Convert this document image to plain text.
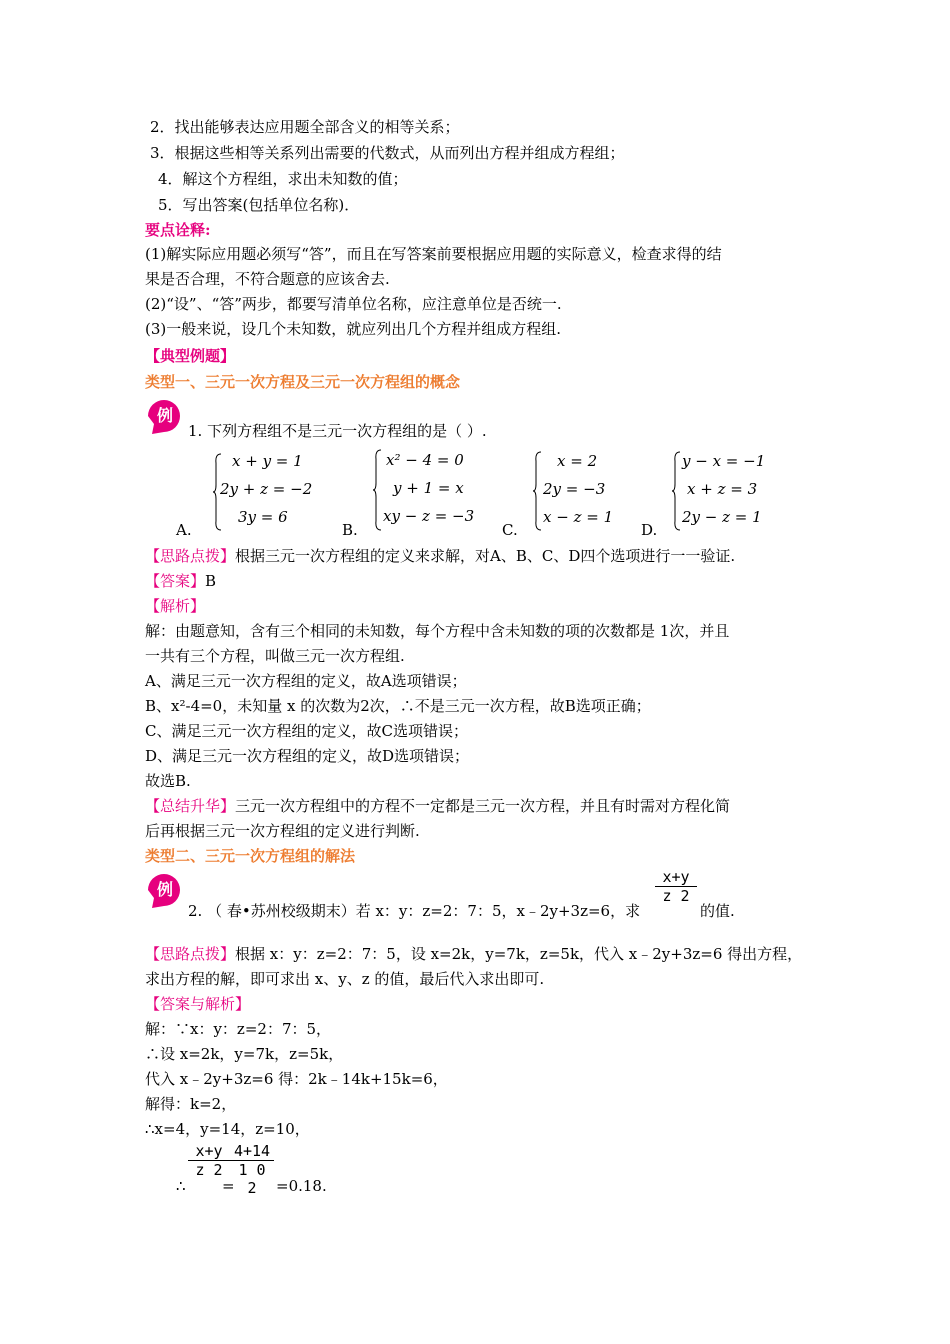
2．找出能够表达应用题全部含义的相等关系；
3．根据这些相等关系列出需要的代数式，从而列出方程并组成方程组；
4．解这个方程组，求出未知数的值；
5．写出答案(包括单位名称)．
要点诠释:
(1)解实际应用题必须写“答”，而且在写答案前要根据应用题的实际意义，检查求得的结
果是否合理，不符合题意的应该舍去.
(2)“设”、“答”两步，都要写清单位名称，应注意单位是否统一.
(3)一般来说，设几个未知数，就应列出几个方程并组成方程组.
【典型例题】
类型一、三元一次方程及三元一次方程组的概念
例
1. 下列方程组不是三元一次方程组的是（ ）.
x + y = 1
2y + z = −2
3y = 6
A.
x² − 4 = 0
y + 1 = x
xy − z = −3
B.
x = 2
2y = −3
x − z = 1
C.
y − x = −1
x + z = 3
2y − z = 1
D.
【思路点拨】根据三元一次方程组的定义来求解，对A、B、C、D四个选项进行一一验证.
【答案】B
【解析】
解：由题意知，含有三个相同的未知数，每个方程中含未知数的项的次数都是 1次，并且
一共有三个方程，叫做三元一次方程组.
A、满足三元一次方程组的定义，故A选项错误；
B、x²-4=0，未知量 x 的次数为2次，∴不是三元一次方程，故B选项正确；
C、满足三元一次方程组的定义，故C选项错误；
D、满足三元一次方程组的定义，故D选项错误；
故选B.
【总结升华】三元一次方程组中的方程不一定都是三元一次方程，并且有时需对方程化简
后再根据三元一次方程组的定义进行判断.
类型二、三元一次方程组的解法
例
2. （ 春•苏州校级期末）若 x：y：z=2：7：5，x﹣2y+3z=6，求
$\frac{x+y}{z 2}$
的值.
【思路点拨】根据 x：y：z=2：7：5，设 x=2k，y=7k，z=5k，代入 x﹣2y+3z=6 得出方程，
求出方程的解，即可求出 x、y、z 的值，最后代入求出即可.
【答案与解析】
解：∵x：y：z=2：7：5，
∴设 x=2k，y=7k，z=5k，
代入 x﹣2y+3z=6 得：2k﹣14k+15k=6，
解得：k=2，
∴x=4，y=14，z=10，
∴
$\frac{x+y}{z 2}$
=
$\frac{4+14}{1 0 2} =0.18$.
